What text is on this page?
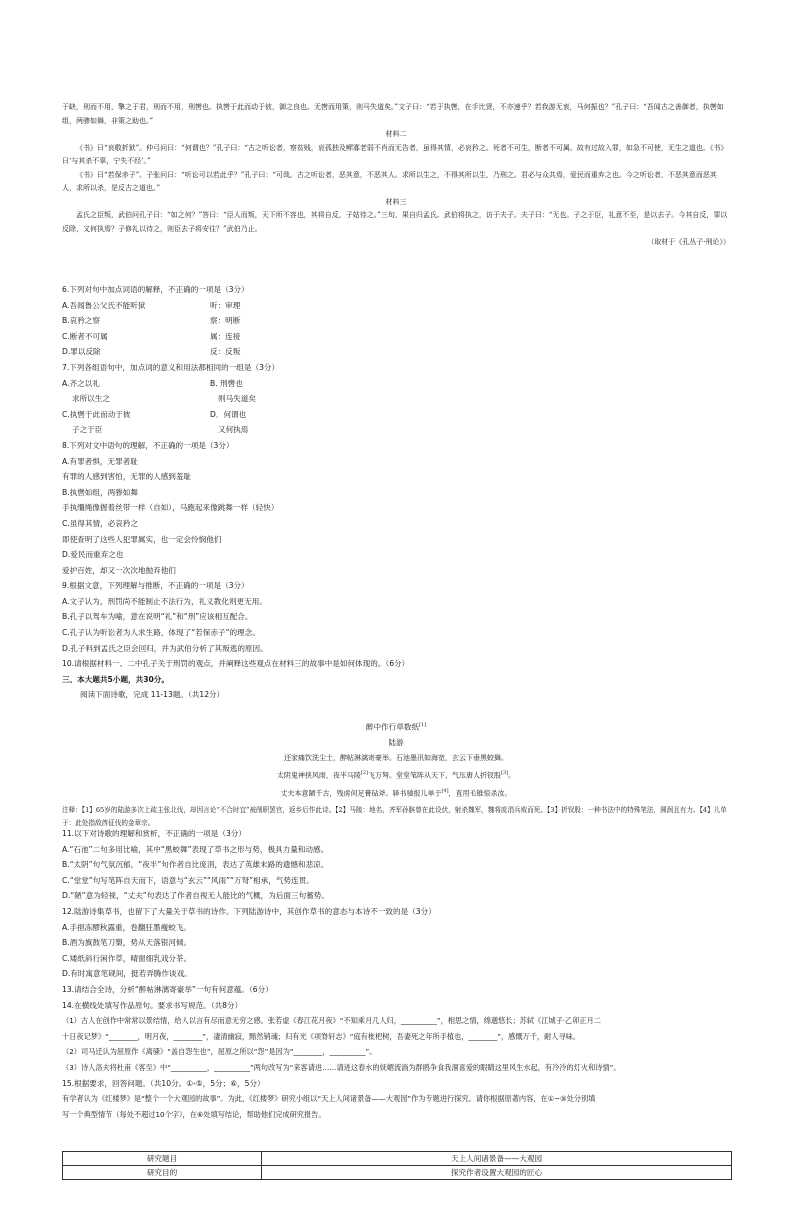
于缺，刑而不用，擎之于君，刑而不用，刑辔也。执辔于此而动于彼，御之良也。无辔而用策，则马失道矣。”文子曰：“若于执辔，在手比贤，不亦速乎？若我游无衷，马何振也？”孔子曰：“吾闻古之善御者，执辔如组，两骖如舞，非策之助也。”

材料二

《书》曰“哀敬折狱”。仲弓问曰：“何谓也？”孔子曰：“古之听讼者，察贫贱，哀孤独及鳏寡老弱不肖而无告者，虽得其情，必哀矜之。死者不可生，断者不可属。故有过故入罪，如急不可使，无生之道也。《书》曰‘与其杀不辜，宁失不经’。”

《书》曰“若保赤子”。子张问曰：“听讼可以若此乎？”孔子曰：“可哉。古之听讼者，恶其意，不恶其人。求所以生之，不得其所以生，乃刑之。君必与众共焉，爱民而重弃之也。今之听讼者，不恶其意而恶其人，求所以杀，是反古之道也。”

材料三

孟氏之臣叛，武伯问孔子曰：“如之何？”答曰：“臣人而叛，天下所不容也，其将自反，子姑待之。”三旬，果自归孟氏。武伯将执之，访于夫子。夫子曰：“无也。子之于臣，礼意不至，是以去子。今其自反，罪以反除，又何执焉？子修礼以待之，则臣去子将安往？”武伯乃止。

（取材于《孔丛子·刑论》）

6.下列对句中加点词语的解释，不正确的一项是（3分）

A.吾闻鲁公父氏不能听狱	听：审理
B.哀矜之察	察：明断
C.断者不可属	属：连接
D.罪以反除	反：反叛

7.下列各组语句中，加点词的意义和用法都相同的一组是（3分）

A.齐之以礼	B. 刑辔也
求所以生之	则马失道矣
C.执辔于此而动于彼	D．何谓也
子之于臣	又何执焉

8.下列对文中语句的理解，不正确的一项是（3分）

A.有罪者惧，无罪者耻

有罪的人感到害怕，无罪的人感到羞耻

B.执辔如组，两骖如舞

手执缰绳像握着丝带一样（自如），马跑起来像跳舞一样（轻快）

C.虽得其情，必哀矜之

即使查明了这些人犯罪属实，也一定会怜悯他们

D.爱民而重弃之也

爱护百姓，却又一次次地抛弃他们

9.根据文意，下列理解与推断，不正确的一项是（3分）

A.文子认为，刑罚尚不能制止不法行为，礼义教化则更无用。

B.孔子以驾车为喻，意在说明“礼”和“刑”应该相互配合。

C.孔子认为听讼者为人求生路，体现了“若保赤子”的理念。

D.孔子料到孟氏之臣会回归，并为武伯分析了其叛逃的原因。

10.请根据材料一、二中孔子关于刑罚的观点，并阐释这些观点在材料三的故事中是如何体现的。（6分）

三、本大题共5小题，共30分。

阅读下面诗歌，完成 11-13题。（共12分）

醉中作行草数纸[1]

陆游

还家痛饮洗尘土，醉帖淋漓寄豪举。石池墨汛如海宽，玄云下垂黑蛟舞。

太阴鬼神挟风雨，夜半马陵[2]飞万弩。堂堂笔阵从天下，气压唐人折钗股[3]。

丈夫本意陋千古，残虏何足膏砧斧。驿书驰报儿单于[4]，直用毛锥惊杀汝。

注释：【1】65岁的陆游多次上疏主张北伐，却因言论“不合时宜”被削职罢官，返乡后作此诗。【2】马陵：地名，齐军孙膑曾在此设伏，射杀魏军，魏将庞涓兵败而死。【3】折钗股：一种书法中的特殊笔法，圆润且有力。【4】儿单于：此处指敌酋征伐的金章宗。

11.以下对诗歌的理解和赏析，不正确的一项是（3分）

A.“石池”二句多用比喻，其中“黑蛟舞”表现了草书之形与势，极具力量和动感。

B.“太阴”句气氛沉郁，“夜半”句作者自比庞涓，表达了英雄末路的遗憾和悲凉。

C.“堂堂”句写笔阵自天而下，语意与“玄云”“风雨”“万弩”相承，气势连贯。

D.“陋”意为轻视，“丈夫”句表达了作者自视无人能比的气概，为后面三句蓄势。

12.陆游诗集草书，也留下了大量关于草书的诗作。下列陆游诗中，其创作草书的意态与本诗不一致的是（3分）

A.手挹冻醪秋露重，卷翻狂墨瘦蛟飞。

B.酒为旗鼓笔刀槊，势从天落银河倾。

C.矮纸斜行闲作草，晴窗细乳戏分茶。

D.有时寓意笔砚间，挺若弄腾作谈戏。

13.请结合全诗，分析“醉帖淋漓寄豪举”一句有何意蕴。（6分）

14.在横线处填写作品原句。要求书写规范。（共8分）

（1）古人在创作中常常以景结情，给人以言有尽而意无穷之感。张若虚《春江花月夜》“不知乘月几人归，__________”，相思之情，绵邈悠长；苏轼《江城子·乙卯正月二

十日夜记梦》“________，明月夜，________”，凄清幽寂，黯然销魂；归有光《项脊轩志》“庭有枇杷树，吾妻死之年所手植也，________”，感慨万千，耐人寻味。

（2）司马迁认为屈原作《离骚》“盖自怨生也”，屈原之所以“怨”是因为“________，__________”。

（3）诗人洛夫将杜甫《客至》中“__________，__________”两句改写为“来客请进……请进这春水的妩媚流淌为群鸥争食我涸喜爱的眼睛这里风生水起，有冷冷的灯火和诗情”。

15.根据要求，回答问题。（共10分。①-⑤，5分；⑥，5分）

有学者认为《红楼梦》是“整个一个大观园的故事”。为此，《红楼梦》研究小组以“天上人间诸景备——大观园”作为专题进行探究。请你根据原著内容，在①~⑤处分别填

写一个典型情节（每处不超过10个字），在⑥处填写结论，帮助他们完成研究报告。

研究题目	天上人间诸景备——大观园
研究目的	探究作者设置大观园的匠心
